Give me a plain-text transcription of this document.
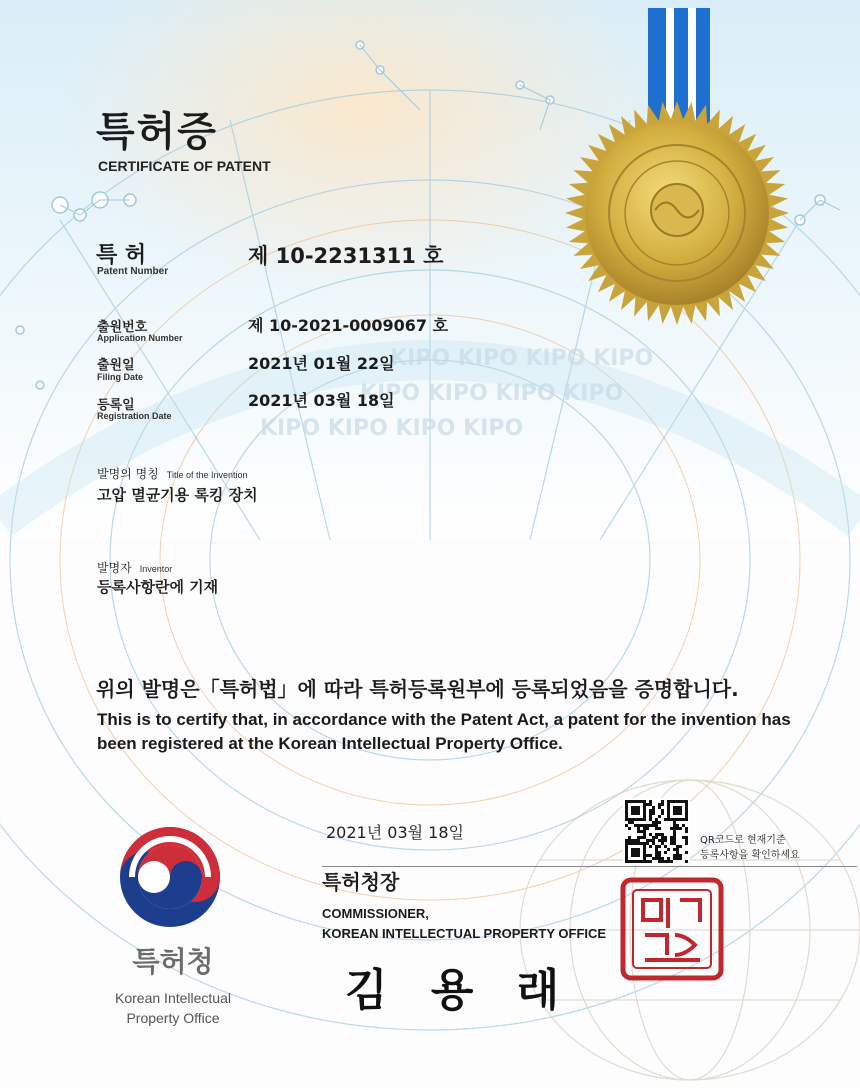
KIPO KIPO KIPO KIPO
KIPO KIPO KIPO KIPO
KIPO KIPO KIPO KIPO
김 용 래
특허증
CERTIFICATE OF PATENT
특 허
Patent Number
제 10-2231311 호
출원번호
Application Number
제 10-2021-0009067 호
출원일
Filing Date
2021년 01월 22일
등록일
Registration Date
2021년 03월 18일
발명의 명칭 Title of the Invention
고압 멸균기용 록킹 장치
발명자 Inventor
등록사항란에 기재
위의 발명은「특허법」에 따라 특허등록원부에 등록되었음을 증명합니다.
This is to certify that, in accordance with the Patent Act, a patent for the invention has been registered at the Korean Intellectual Property Office.
2021년 03월 18일	QR코드로 현재기준
등록사항을 확인하세요
특허청장
COMMISSIONER,
KOREAN INTELLECTUAL PROPERTY OFFICE
특허청
Korean Intellectual
Property Office
